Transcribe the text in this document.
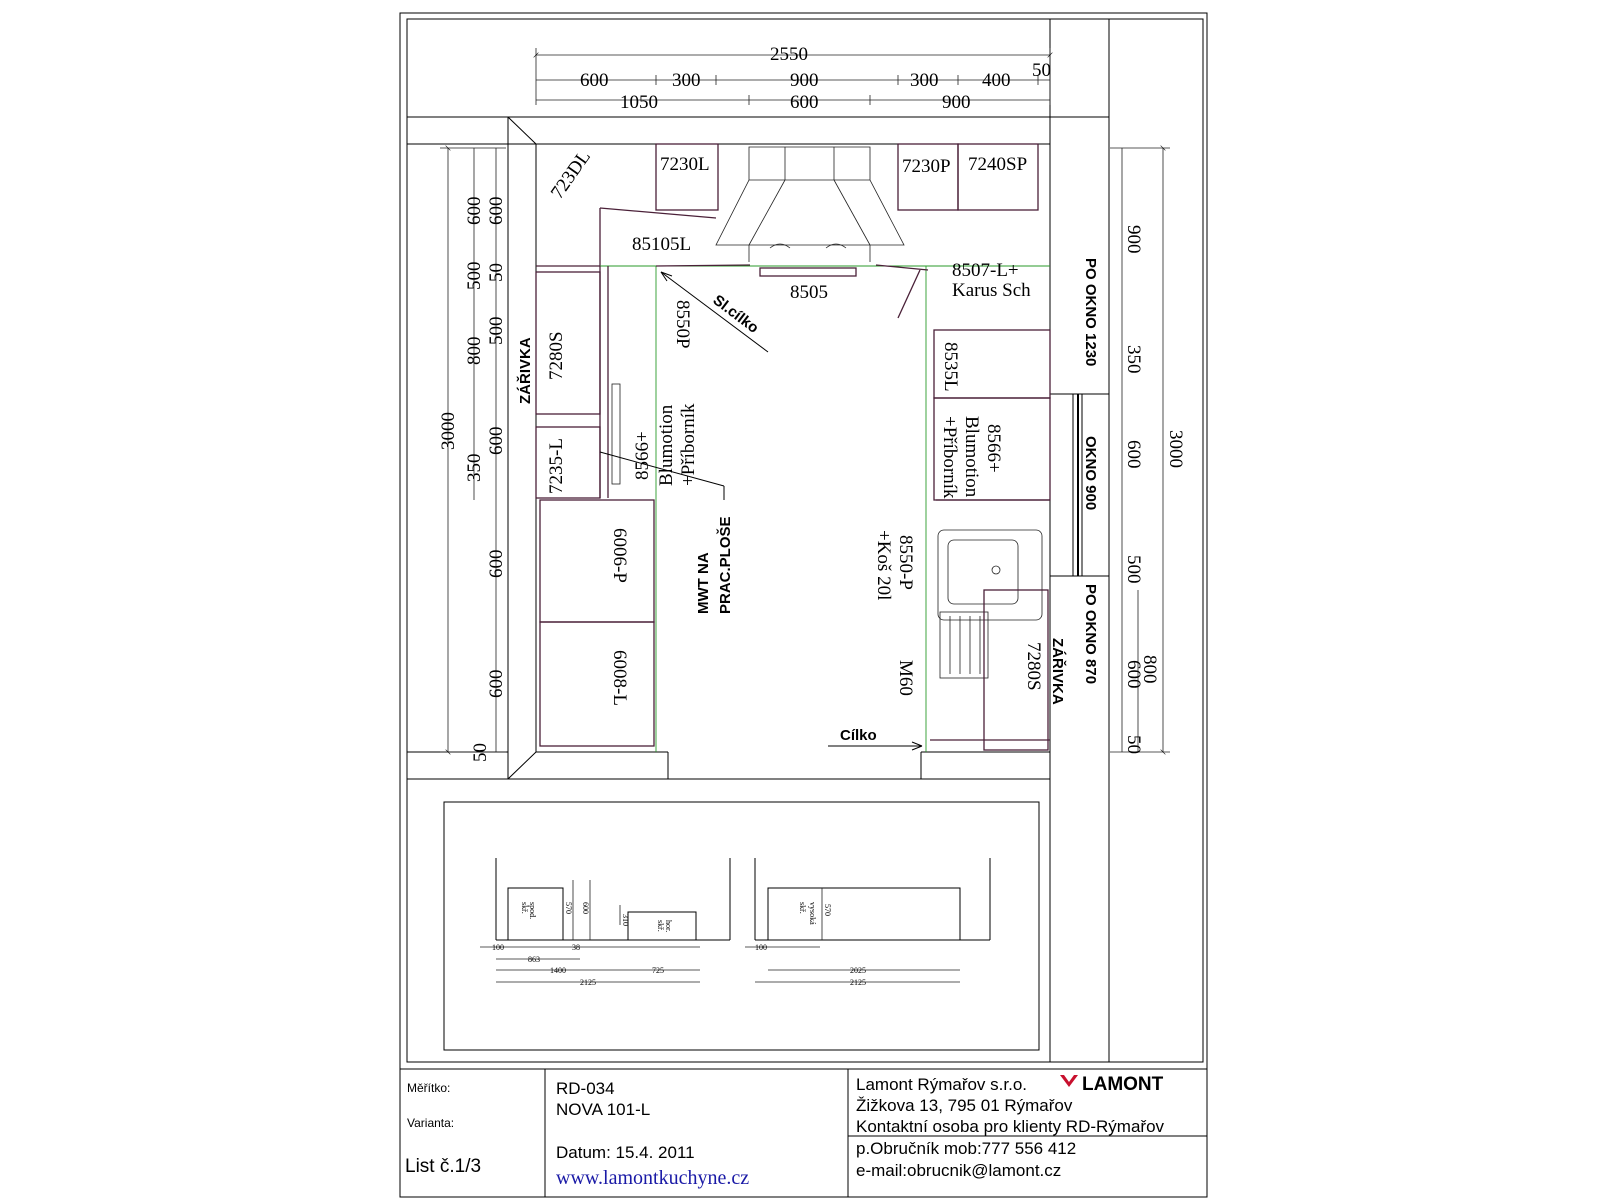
2550
600	300	900	300 400 50
1050	600	900
3000
600
500
800
350
600
50
500
600
600
600
50
900
350
600
500
600
50
3000
800
723DL	7230L	7230P 7240SP
85105L
8505
8507-L+
Karus Sch
8550P
7280S
7235-L	8566+ Blumotion +Příborník
6006-P
6008-L
8535L
8566+
Blumotion
+Příborník
8550-P
+Koš 20l
M60	7280S
ZÁŘIVKA
ZÁŘIVKA
Sl.cílko
Cílko
MWT NA PRAC.PLOŠE
PO OKNO 1230
OKNO 900
PO OKNO 870
spod.
skř.	570 600
310	hor.
skř.
100	38
863
1400	725
2125
vysoká
skř. 570
100
2025
2125
Měřítko:
Varianta:
List č.1/3
RD-034
NOVA 101-L
Datum: 15.4. 2011
www.lamontkuchyne.cz
Lamont Rýmařov s.r.o.	LAMONT
Žižkova 13, 795 01 Rýmařov
Kontaktní osoba pro klienty RD-Rýmařov
p.Obručník mob:777 556 412
e-mail:obrucnik@lamont.cz
